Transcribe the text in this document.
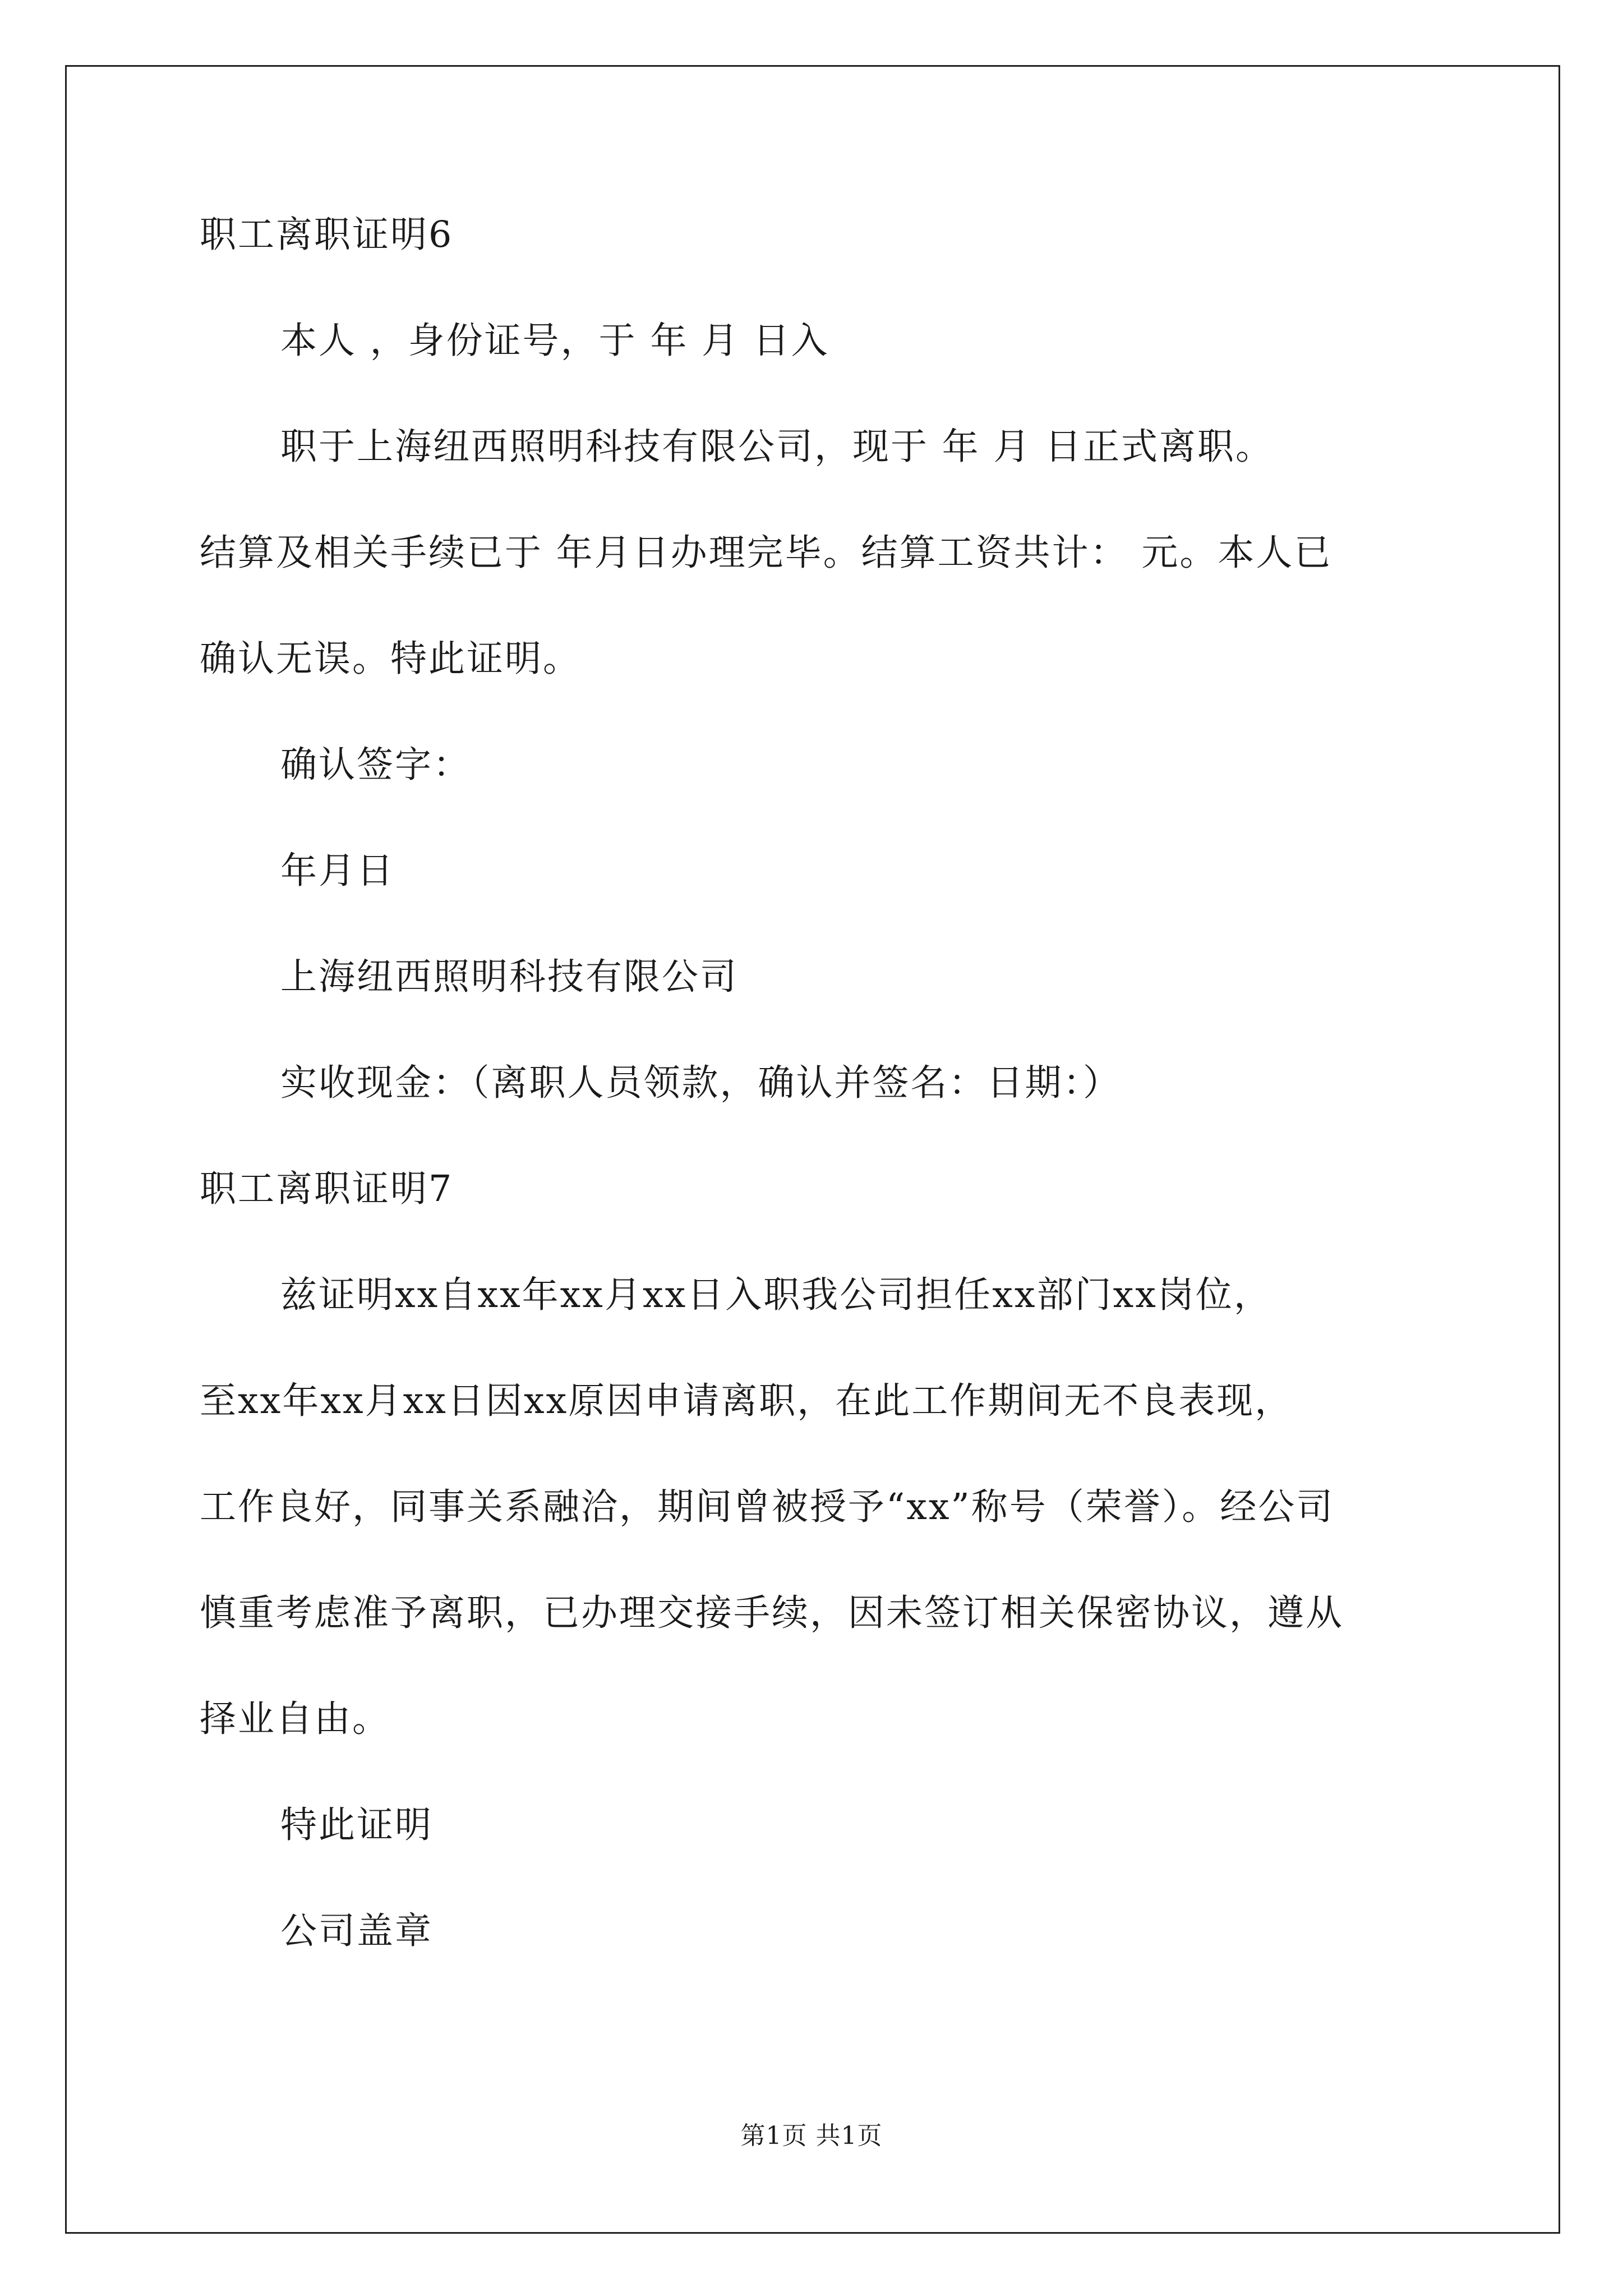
职工离职证明6
本人 ，身份证号，于 年 月 日入
职于上海纽西照明科技有限公司，现于 年 月 日正式离职。
结算及相关手续已于 年月日办理完毕。结算工资共计： 元。本人已
确认无误。特此证明。
确认签字：
年月日
上海纽西照明科技有限公司
实收现金：（离职人员领款，确认并签名：日期：）
职工离职证明7
兹证明xx自xx年xx月xx日入职我公司担任xx部门xx岗位，
至xx年xx月xx日因xx原因申请离职，在此工作期间无不良表现，
工作良好，同事关系融洽，期间曾被授予“xx”称号（荣誉）。经公司
慎重考虑准予离职，已办理交接手续，因未签订相关保密协议，遵从
择业自由。
特此证明
公司盖章
第1页 共1页
